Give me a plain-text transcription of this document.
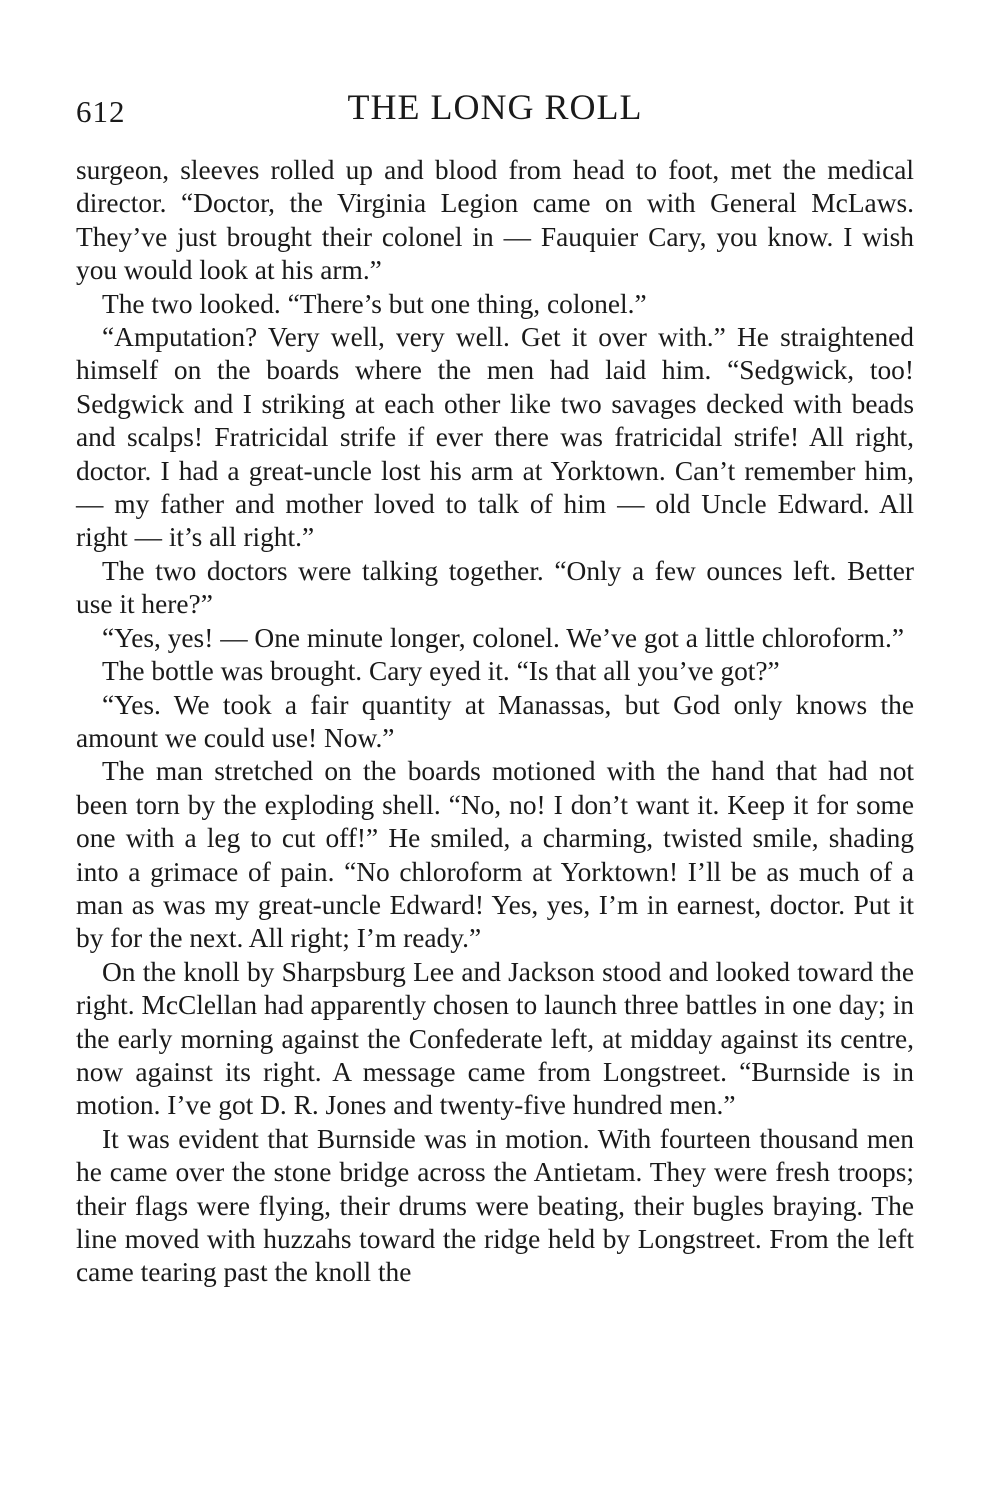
612	THE LONG ROLL

surgeon, sleeves rolled up and blood from head to foot, met the medical director. “Doctor, the Virginia Legion came on with General McLaws. They’ve just brought their colonel in — Fauquier Cary, you know. I wish you would look at his arm.”

The two looked. “There’s but one thing, colonel.”

“Amputation? Very well, very well. Get it over with.” He straightened himself on the boards where the men had laid him. “Sedgwick, too! Sedgwick and I striking at each other like two savages decked with beads and scalps! Fratricidal strife if ever there was fratricidal strife! All right, doctor. I had a great-uncle lost his arm at Yorktown. Can’t remember him, — my father and mother loved to talk of him — old Uncle Edward. All right — it’s all right.”

The two doctors were talking together. “Only a few ounces left. Better use it here?”

“Yes, yes! — One minute longer, colonel. We’ve got a little chloroform.”

The bottle was brought. Cary eyed it. “Is that all you’ve got?”

“Yes. We took a fair quantity at Manassas, but God only knows the amount we could use! Now.”

The man stretched on the boards motioned with the hand that had not been torn by the exploding shell. “No, no! I don’t want it. Keep it for some one with a leg to cut off!” He smiled, a charming, twisted smile, shading into a grimace of pain. “No chloroform at Yorktown! I’ll be as much of a man as was my great-uncle Edward! Yes, yes, I’m in earnest, doctor. Put it by for the next. All right; I’m ready.”

On the knoll by Sharpsburg Lee and Jackson stood and looked toward the right. McClellan had apparently chosen to launch three battles in one day; in the early morning against the Confederate left, at midday against its centre, now against its right. A message came from Longstreet. “Burnside is in motion. I’ve got D. R. Jones and twenty-five hundred men.”

It was evident that Burnside was in motion. With fourteen thousand men he came over the stone bridge across the Antietam. They were fresh troops; their flags were flying, their drums were beating, their bugles braying. The line moved with huzzahs toward the ridge held by Longstreet. From the left came tearing past the knoll the
